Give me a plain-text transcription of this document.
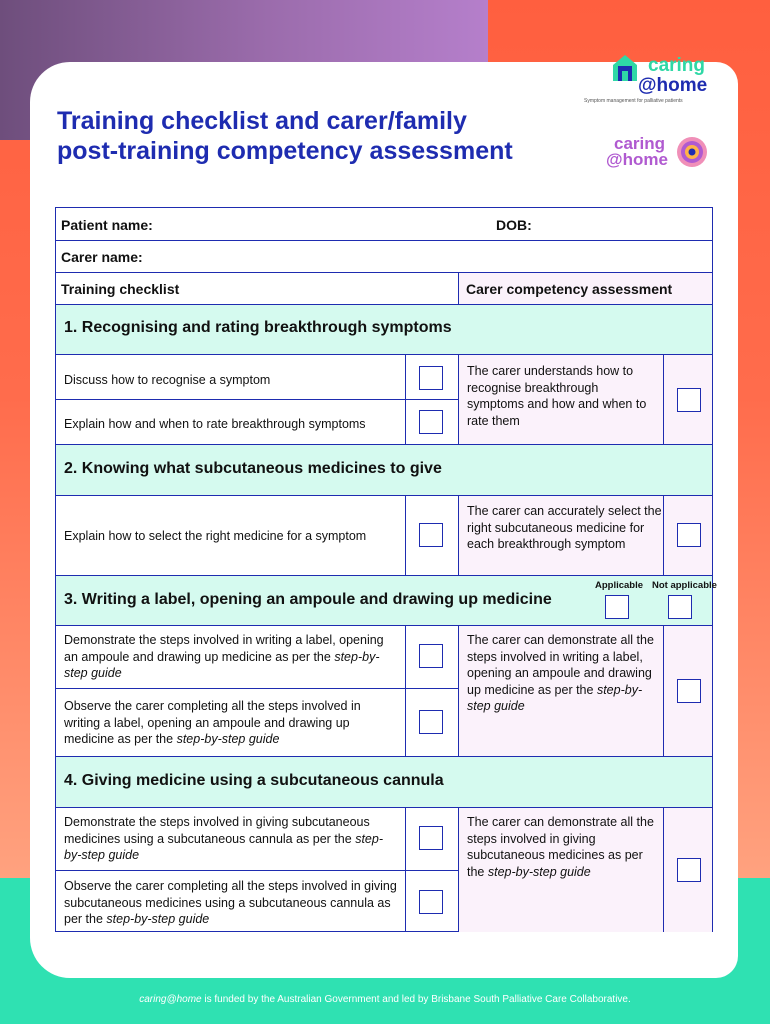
Training checklist and carer/family
post-training competency assessment
caring
@home
Symptom management for palliative patients
caring
@home
Patient name:	DOB:
Carer name:
Training checklist	Carer competency assessment
1. Recognising and rating breakthrough symptoms
Discuss how to recognise a symptom
Explain how and when to rate breakthrough symptoms
The carer understands how to recognise breakthrough symptoms and how and when to rate them
2. Knowing what subcutaneous medicines to give
Explain how to select the right medicine for a symptom
The carer can accurately select the right subcutaneous medicine for each breakthrough symptom
3. Writing a label, opening an ampoule and drawing up medicine
Applicable Not applicable
Demonstrate the steps involved in writing a label, opening an ampoule and drawing up medicine as per the step-by-step guide
Observe the carer completing all the steps involved in writing a label, opening an ampoule and drawing up medicine as per the step-by-step guide
The carer can demonstrate all the steps involved in writing a label, opening an ampoule and drawing up medicine as per the step-by-step guide
4. Giving medicine using a subcutaneous cannula
Demonstrate the steps involved in giving subcutaneous medicines using a subcutaneous cannula as per the step-by-step guide
Observe the carer completing all the steps involved in giving subcutaneous medicines using a subcutaneous cannula as per the step-by-step guide
The carer can demonstrate all the steps involved in giving subcutaneous medicines as per the step-by-step guide
caring@home is funded by the Australian Government and led by Brisbane South Palliative Care Collaborative.
